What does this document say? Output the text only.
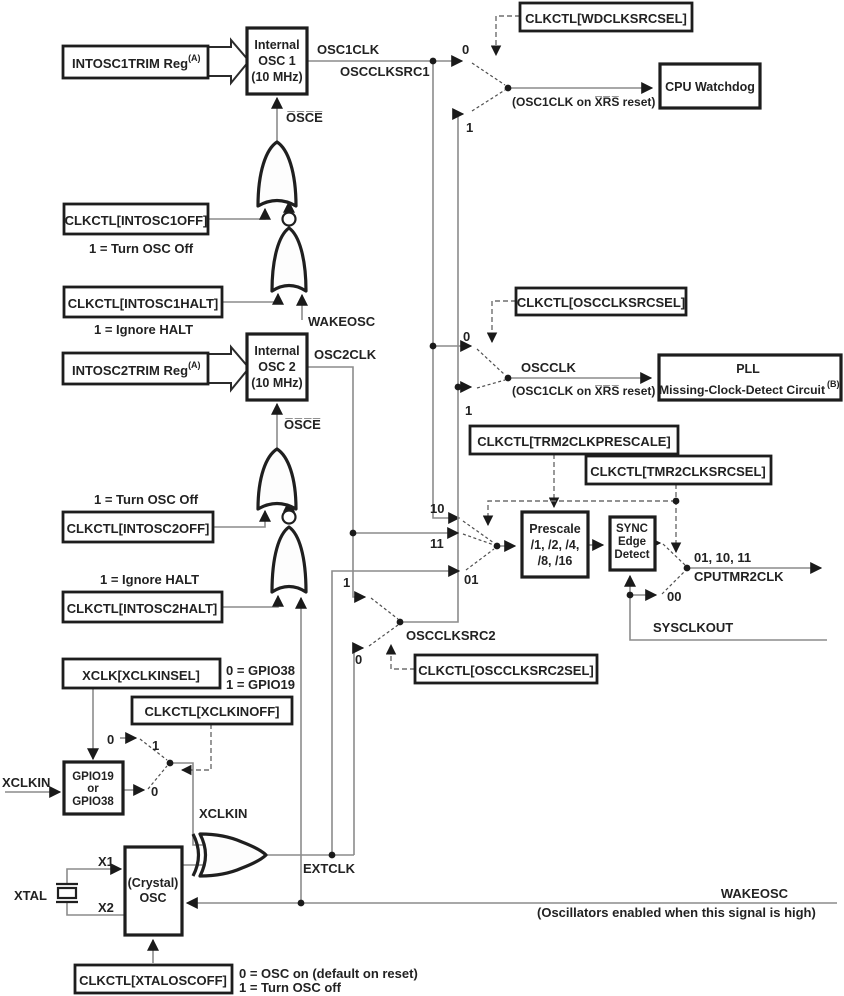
INTOSC1TRIM Reg$^{(A)}$
Internal
OSC 1
(10 MHz)
CLKCTL[INTOSC1OFF]
1 = Turn OSC Off
CLKCTL[INTOSC1HALT]
1 = Ignore HALT
INTOSC2TRIM Reg$^{(A)}$
Internal
OSC 2
(10 MHz)
1 = Turn OSC Off
CLKCTL[INTOSC2OFF]
1 = Ignore HALT
CLKCTL[INTOSC2HALT]
CLKCTL[WDCLKSRCSEL]
CPU Watchdog
CLKCTL[OSCCLKSRCSEL]
PLL
Missing-Clock-Detect Circuit (B)
CLKCTL[TRM2CLKPRESCALE]
CLKCTL[TMR2CLKSRCSEL]
Prescale
/1, /2, /4,
/8, /16
SYNC
Edge
Detect
CLKCTL[OSCCLKSRC2SEL]
XCLK[XCLKINSEL] 0 = GPIO38
1 = GPIO19
CLKCTL[XCLKINOFF]
GPIO19
or
GPIO38
(Crystal)
OSC
CLKCTL[XTALOSCOFF] 0 = OSC on (default on reset)
1 = Turn OSC off
OSC1CLK
OSCCLKSRC1
O̅S̅C̅E̅
WAKEOSC
OSC2CLK
O̅S̅C̅E̅
(OSC1CLK on X̅R̅S̅ reset)
OSCCLK
(OSC1CLK on X̅R̅S̅ reset)
OSCCLKSRC2
01, 10, 11
CPUTMR2CLK
00
SYSCLKOUT
XCLKIN
XCLKIN
EXTCLK
X1
X2
XTAL	WAKEOSC
(Oscillators enabled when this signal is high)
0
1
0
1
10
11
01
1
0
0	1
0
